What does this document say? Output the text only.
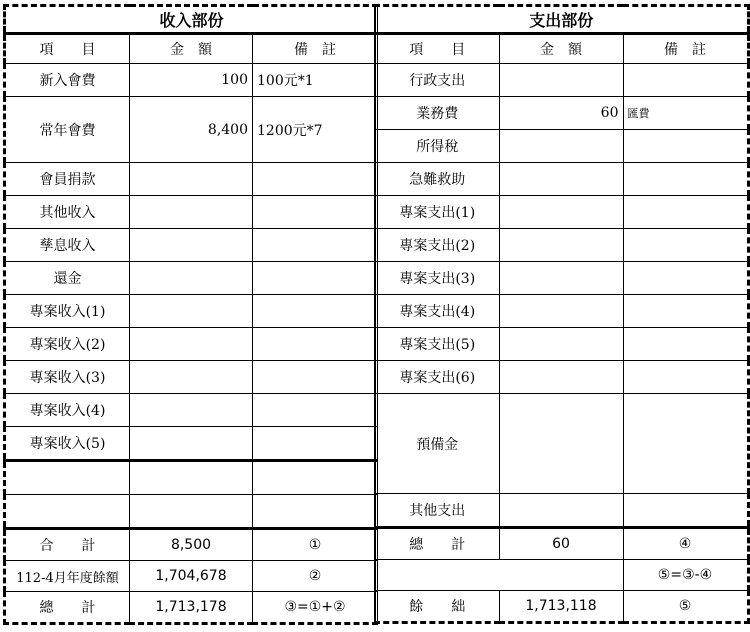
收入部份		
項　　目	金　額	備　註
新入會費	100	100元*1
常年會費	8,400	1200元*7
會員捐款		
其他收入		
孳息收入		
還金		
專案收入(1)		
專案收入(2)		
專案收入(3)		
專案收入(4)		
專案收入(5)		

合　　計	8,500	①
112-4月年度餘額	1,704,678	②
總　　計	1,713,178	③=①+②
支出部份		
項　　目	金　額	備　註
行政支出		
業務費	60	匯費
所得稅		
急難救助		
專案支出(1)		
專案支出(2)		
專案支出(3)		
專案支出(4)		
專案支出(5)		
專案支出(6)		
預備金		
其他支出		
總　　計	60	④
		⑤=③-④
餘　　絀	1,713,118	⑤
